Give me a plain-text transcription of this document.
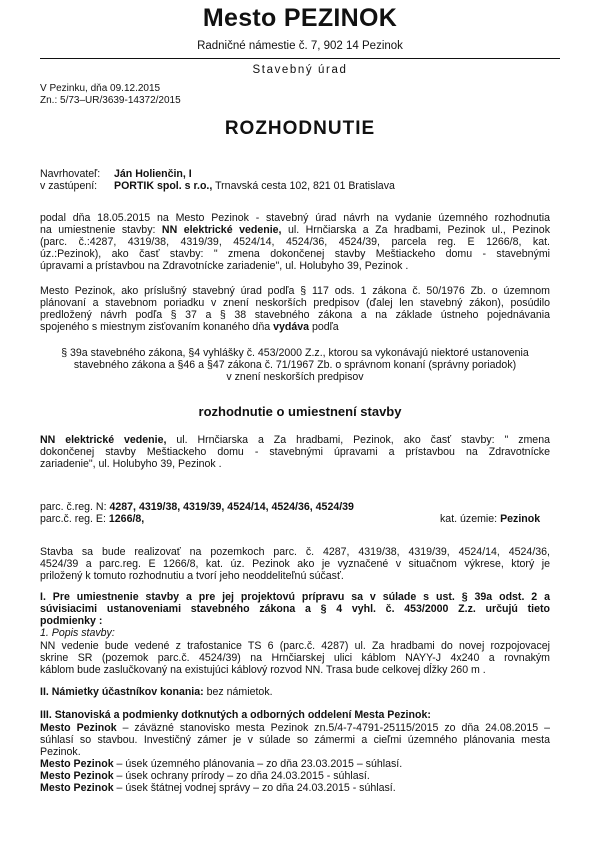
Mesto PEZINOK
Radničné námestie č. 7, 902 14 Pezinok
Stavebný úrad
V Pezinku, dňa 09.12.2015
Zn.: 5/73–UR/3639-14372/2015
ROZHODNUTIE
Navrhovateľ: Ján Holienčin, I
v zastúpení: PORTIK spol. s r.o., Trnavská cesta 102, 821 01 Bratislava
podal dňa 18.05.2015 na Mesto Pezinok - stavebný úrad návrh na vydanie územného rozhodnutia
na umiestnenie stavby: NN elektrické vedenie, ul. Hrnčiarska a Za hradbami, Pezinok ul., Pezinok
(parc. č.:4287, 4319/38, 4319/39, 4524/14, 4524/36, 4524/39, parcela reg. E 1266/8, kat.
úz.:Pezinok), ako časť stavby: " zmena dokončenej stavby Meštiackeho domu - stavebnými
úpravami a prístavbou na Zdravotnícke zariadenie", ul. Holubyho 39, Pezinok .
Mesto Pezinok, ako príslušný stavebný úrad podľa § 117 ods. 1 zákona č. 50/1976 Zb. o územnom
plánovaní a stavebnom poriadku v znení neskorších predpisov (ďalej len stavebný zákon), posúdilo
predložený návrh podľa § 37 a § 38 stavebného zákona a na základe ústneho pojednávania
spojeného s miestnym zisťovaním konaného dňa vydáva podľa
§ 39a stavebného zákona, §4 vyhlášky č. 453/2000 Z.z., ktorou sa vykonávajú niektoré ustanovenia
stavebného zákona a §46 a §47 zákona č. 71/1967 Zb. o správnom konaní (správny poriadok)
v znení neskorších predpisov
rozhodnutie o umiestnení stavby
NN elektrické vedenie, ul. Hrnčiarska a Za hradbami, Pezinok, ako časť stavby: " zmena
dokončenej stavby Meštiackeho domu - stavebnými úpravami a prístavbou na Zdravotnícke
zariadenie", ul. Holubyho 39, Pezinok .
parc. č.reg. N: 4287, 4319/38, 4319/39, 4524/14, 4524/36, 4524/39
parc.č. reg. E: 1266/8,	kat. územie: Pezinok
Stavba sa bude realizovať na pozemkoch parc. č. 4287, 4319/38, 4319/39, 4524/14, 4524/36,
4524/39 a parc.reg. E 1266/8, kat. úz. Pezinok ako je vyznačené v situačnom výkrese, ktorý je
priložený k tomuto rozhodnutiu a tvorí jeho neoddeliteľnú súčasť.
I. Pre umiestnenie stavby a pre jej projektovú prípravu sa v súlade s ust. § 39a odst. 2 a
súvisiacimi ustanoveniami stavebného zákona a § 4 vyhl. č. 453/2000 Z.z. určujú tieto
podmienky :
1. Popis stavby:
NN vedenie bude vedené z trafostanice TS 6 (parc.č. 4287) ul. Za hradbami do novej rozpojovacej
skrine SR (pozemok parc.č. 4524/39) na Hrnčiarskej ulici káblom NAYY-J 4x240 a rovnakým
káblom bude zaslučkovaný na existujúci káblový rozvod NN. Trasa bude celkovej dĺžky 260 m .
II. Námietky účastníkov konania: bez námietok.
III. Stanoviská a podmienky dotknutých a odborných oddelení Mesta Pezinok:
Mesto Pezinok – záväzné stanovisko mesta Pezinok zn.5/4-7-4791-25115/2015 zo dňa 24.08.2015 –
súhlasí so stavbou. Investičný zámer je v súlade so zámermi a cieľmi územného plánovania mesta
Pezinok.
Mesto Pezinok – úsek územného plánovania – zo dňa 23.03.2015 – súhlasí.
Mesto Pezinok – úsek ochrany prírody – zo dňa 24.03.2015 - súhlasí.
Mesto Pezinok – úsek štátnej vodnej správy – zo dňa 24.03.2015 - súhlasí.
